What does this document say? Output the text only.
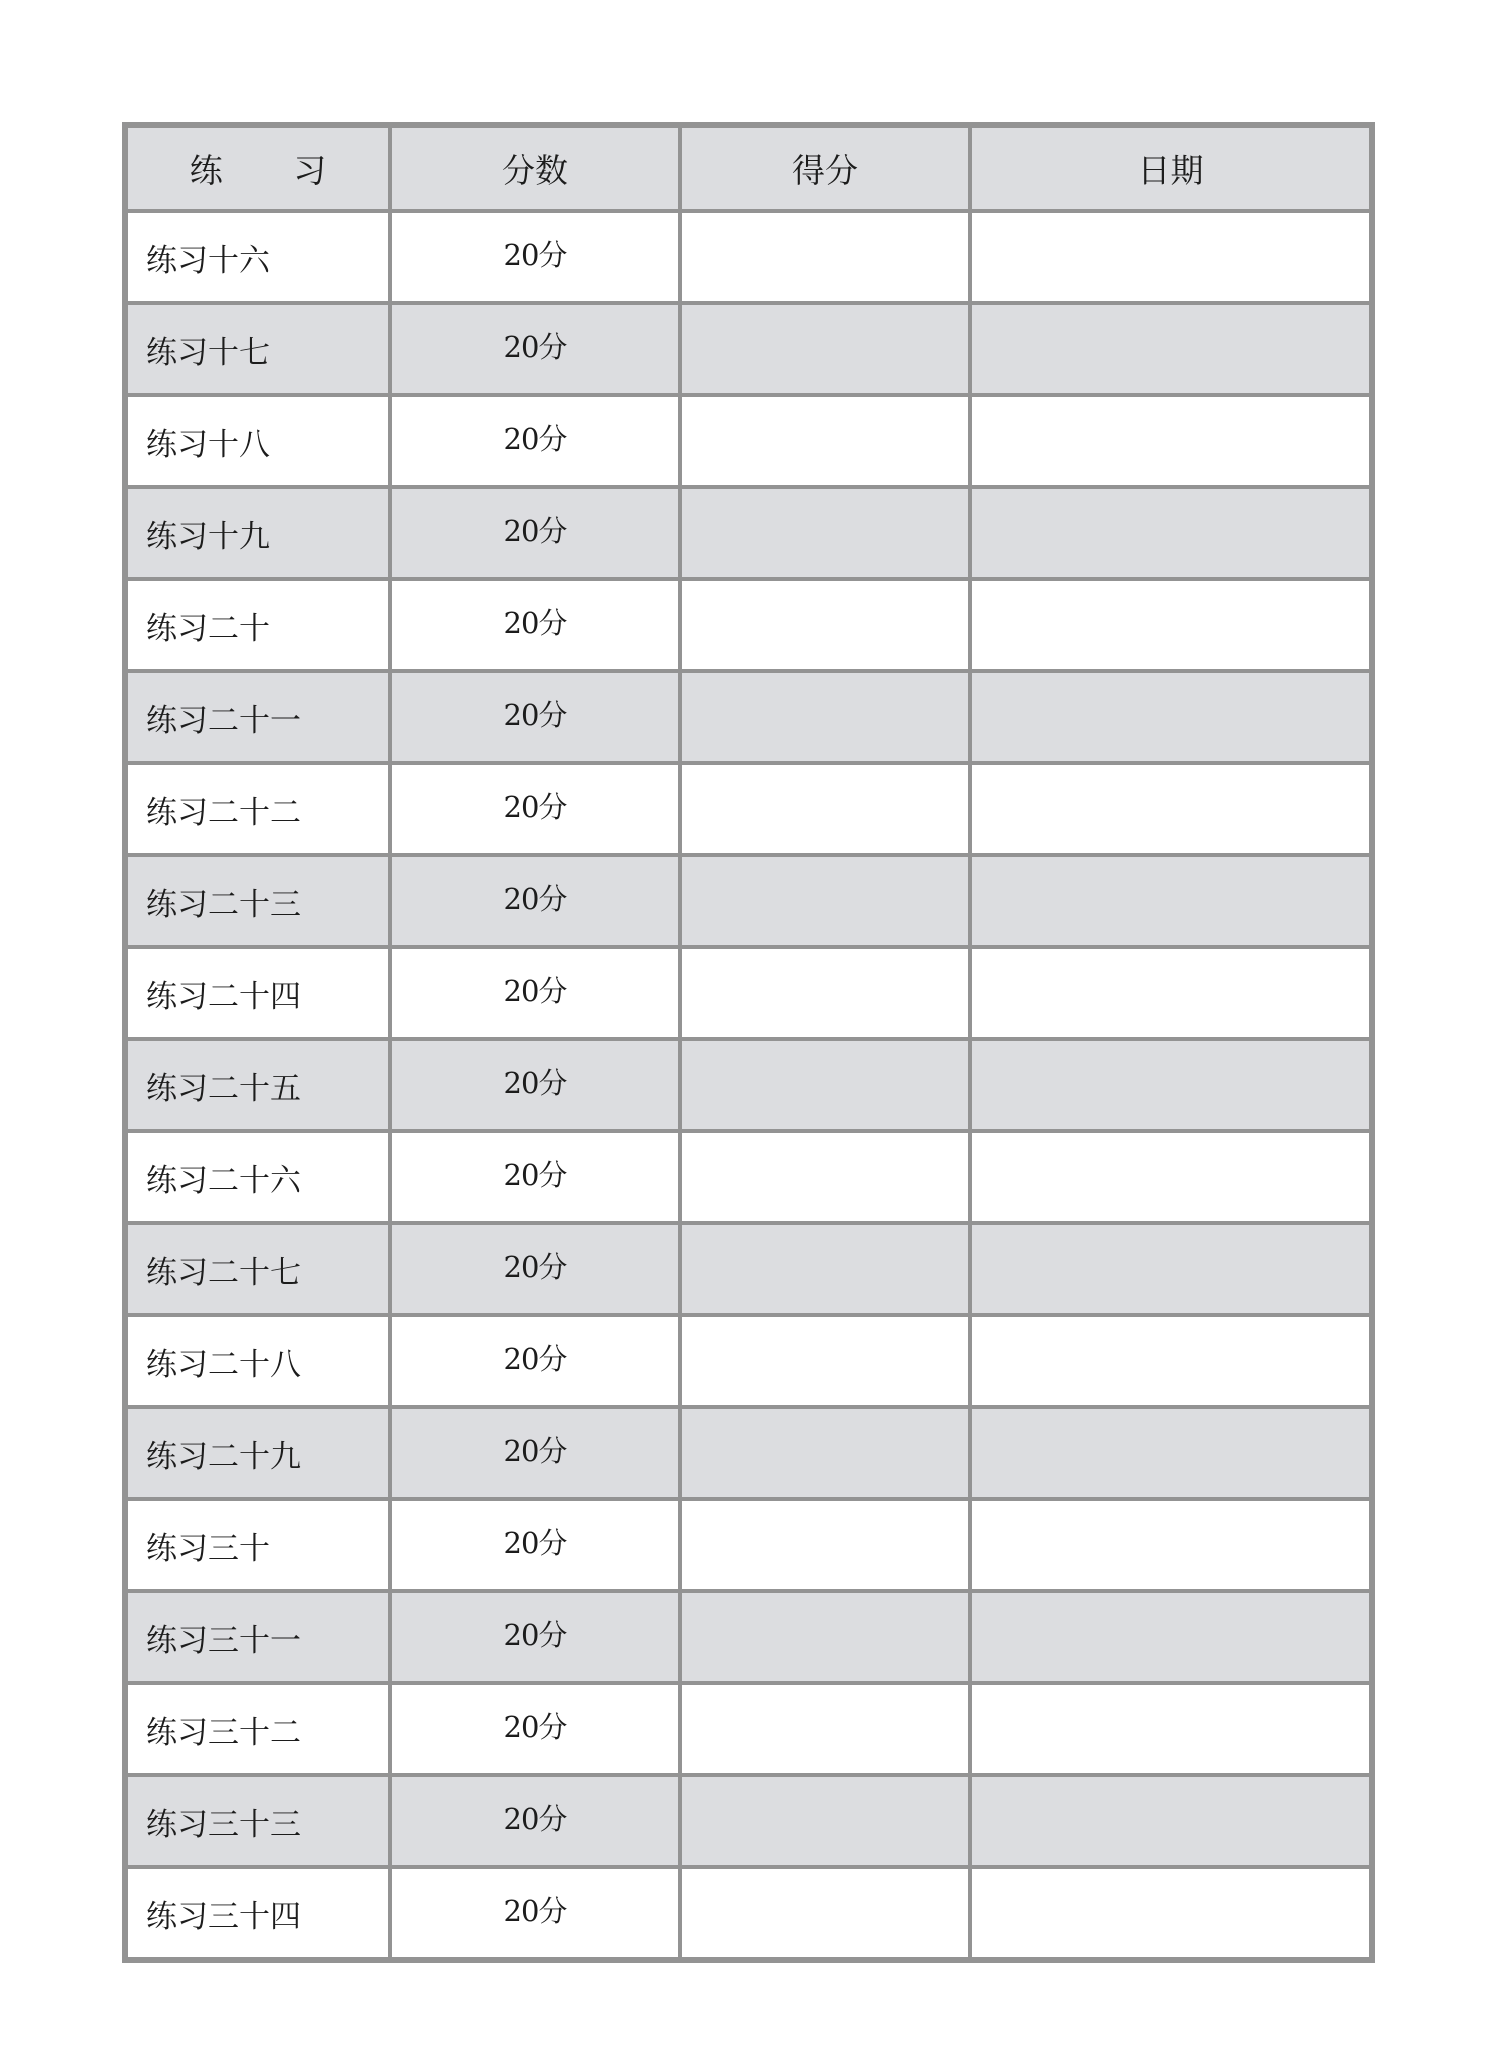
练 习	分数	得分	日期
练习十六	20分		
练习十七	20分		
练习十八	20分		
练习十九	20分		
练习二十	20分		
练习二十一	20分		
练习二十二	20分		
练习二十三	20分		
练习二十四	20分		
练习二十五	20分		
练习二十六	20分		
练习二十七	20分		
练习二十八	20分		
练习二十九	20分		
练习三十	20分		
练习三十一	20分		
练习三十二	20分		
练习三十三	20分		
练习三十四	20分		
